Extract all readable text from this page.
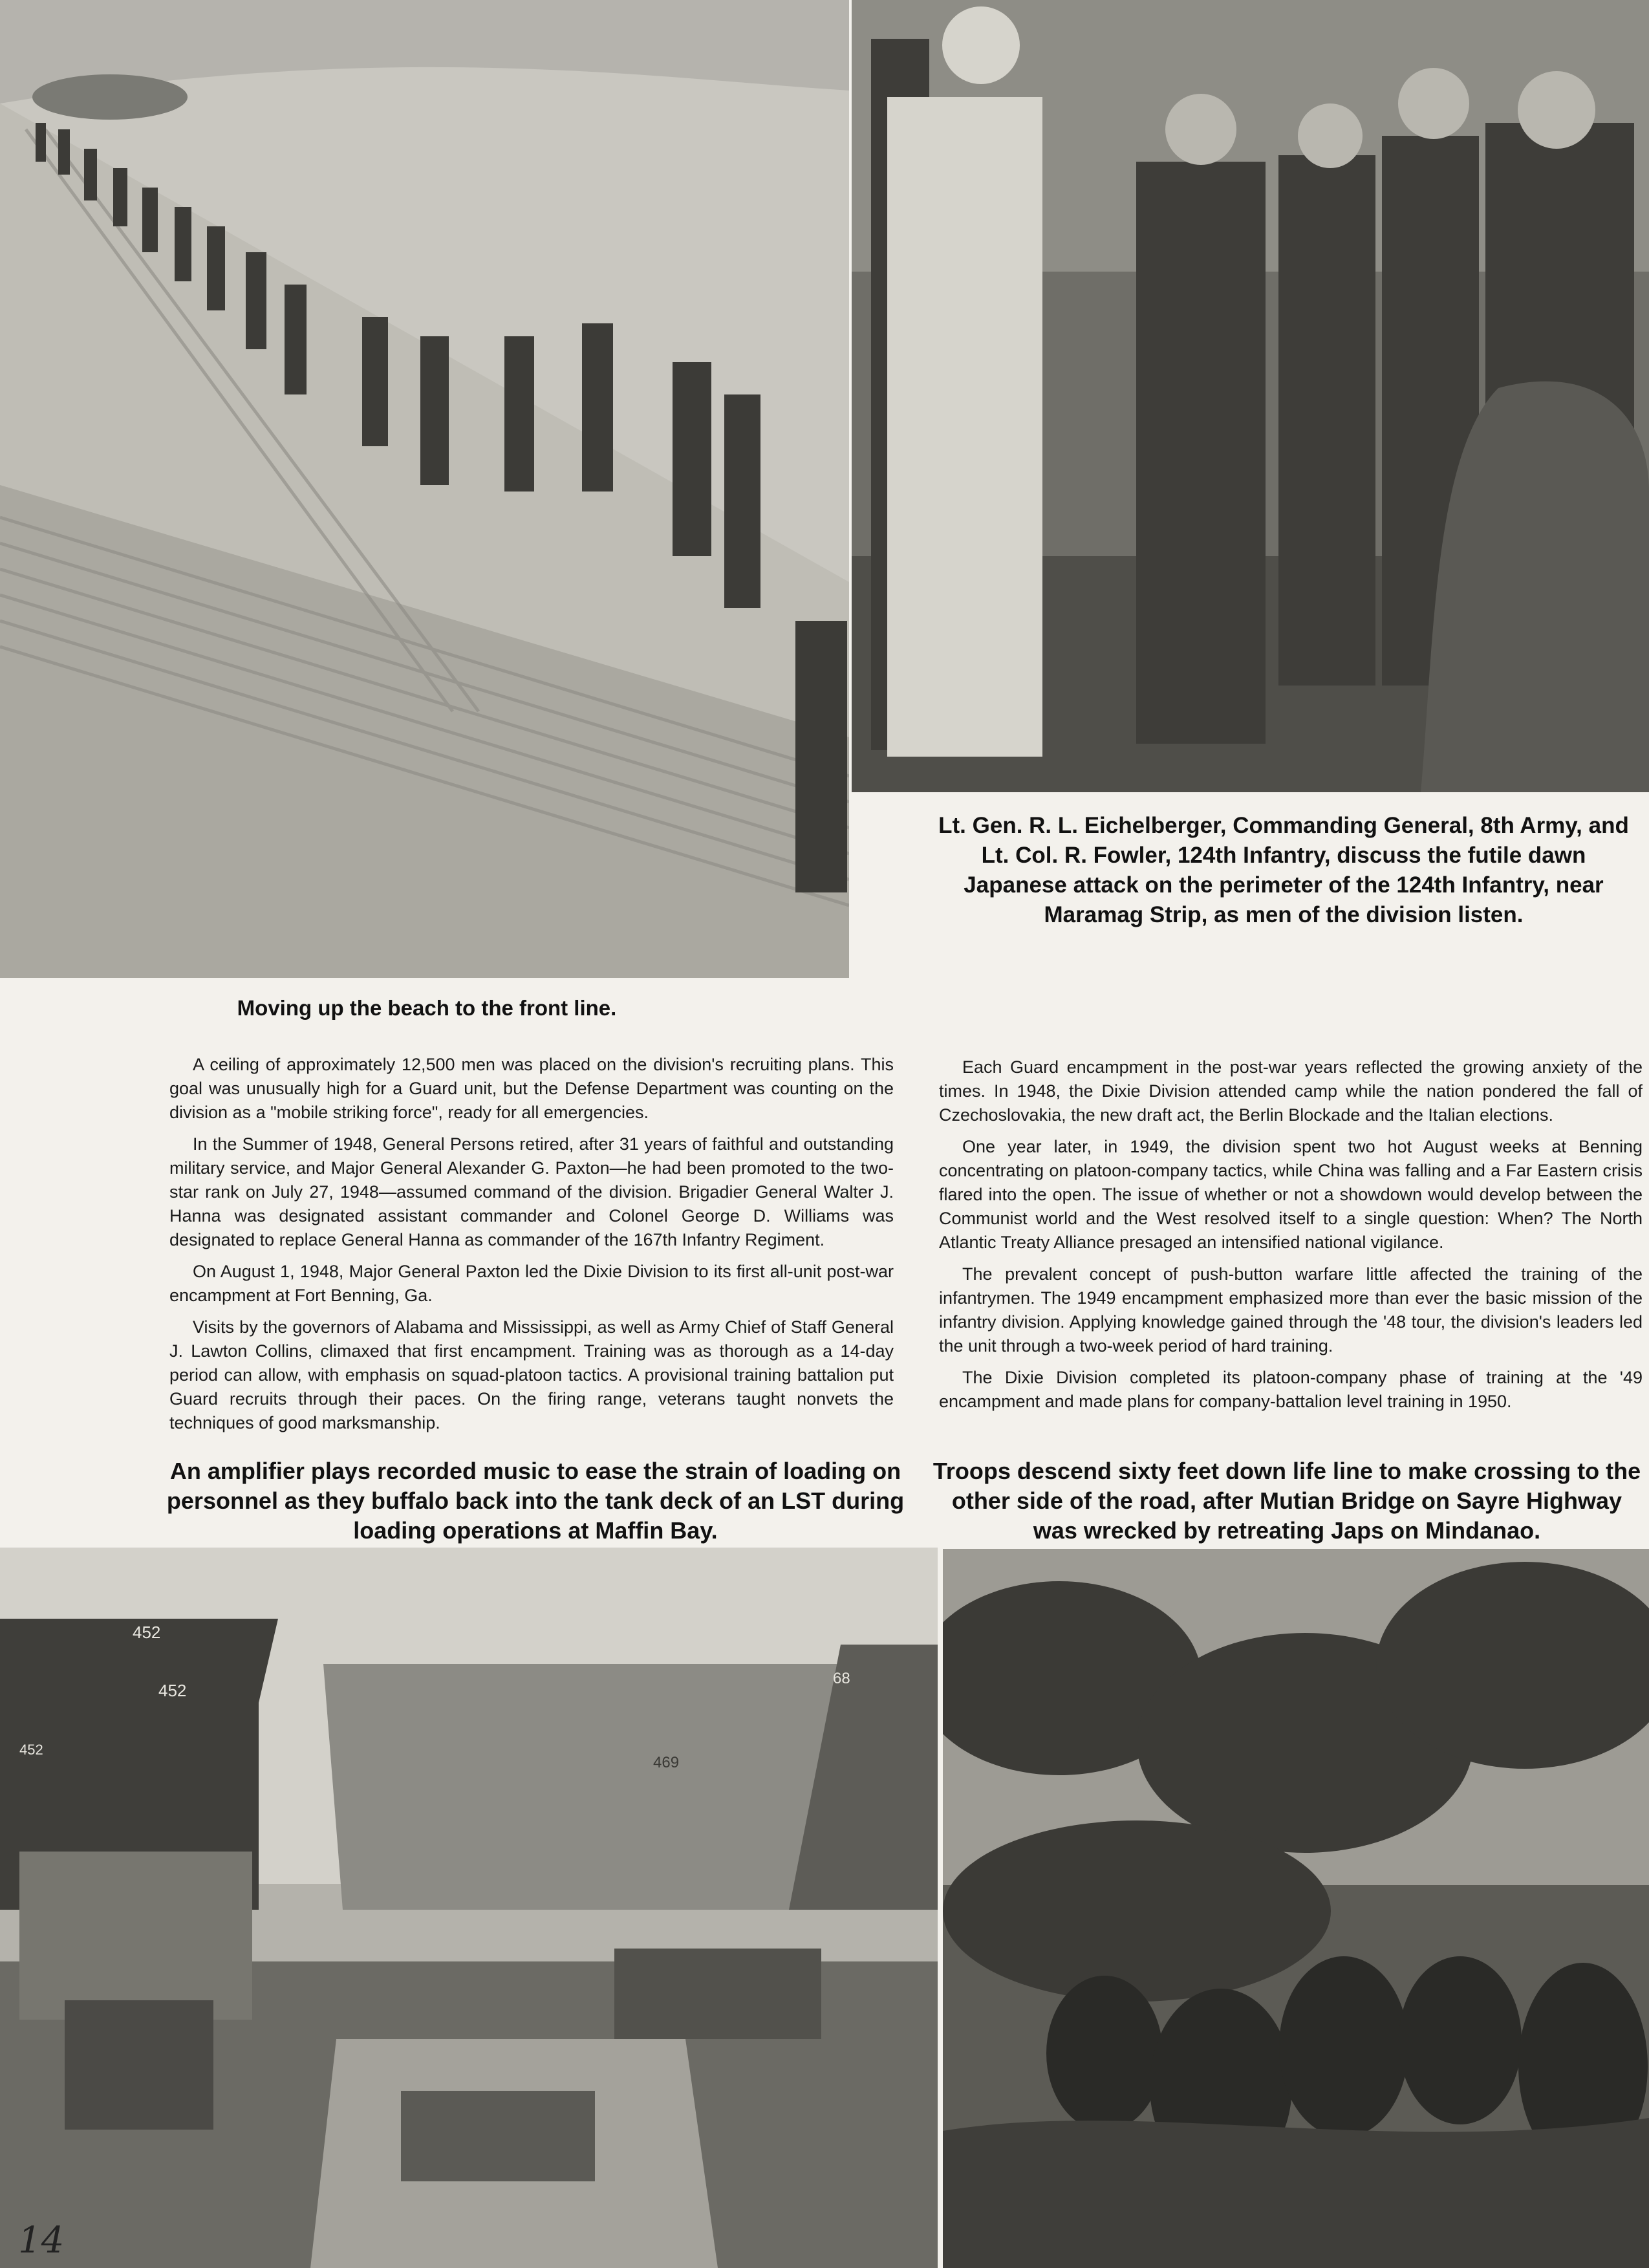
Lt. Gen. R. L. Eichelberger, Commanding General, 8th Army, and Lt. Col. R. Fowler, 124th Infantry, discuss the futile dawn Japanese attack on the perimeter of the 124th Infantry, near Maramag Strip, as men of the division listen.
Moving up the beach to the front line.

A ceiling of approximately 12,500 men was placed on the division's recruiting plans. This goal was unusually high for a Guard unit, but the Defense Department was counting on the division as a "mobile striking force", ready for all emergencies.

In the Summer of 1948, General Persons retired, after 31 years of faithful and outstanding military service, and Major General Alexander G. Paxton—he had been promoted to the two-star rank on July 27, 1948—assumed command of the division. Brigadier General Walter J. Hanna was designated assistant commander and Colonel George D. Williams was designated to replace General Hanna as commander of the 167th Infantry Regiment.

On August 1, 1948, Major General Paxton led the Dixie Division to its first all-unit post-war encampment at Fort Benning, Ga.

Visits by the governors of Alabama and Mississippi, as well as Army Chief of Staff General J. Lawton Collins, climaxed that first encampment. Training was as thorough as a 14-day period can allow, with emphasis on squad-platoon tactics. A provisional training battalion put Guard recruits through their paces. On the firing range, veterans taught nonvets the techniques of good marksmanship.

Each Guard encampment in the post-war years reflected the growing anxiety of the times. In 1948, the Dixie Division attended camp while the nation pondered the fall of Czechoslovakia, the new draft act, the Berlin Blockade and the Italian elections.

One year later, in 1949, the division spent two hot August weeks at Benning concentrating on platoon-company tactics, while China was falling and a Far Eastern crisis flared into the open. The issue of whether or not a showdown would develop between the Communist world and the West resolved itself to a single question: When? The North Atlantic Treaty Alliance presaged an intensified national vigilance.

The prevalent concept of push-button warfare little affected the training of the infantrymen. The 1949 encampment emphasized more than ever the basic mission of the infantry division. Applying knowledge gained through the '48 tour, the division's leaders led the unit through a two-week period of hard training.

The Dixie Division completed its platoon-company phase of training at the '49 encampment and made plans for company-battalion level training in 1950.

An amplifier plays recorded music to ease the strain of loading on personnel as they buffalo back into the tank deck of an LST during loading operations at Maffin Bay.
Troops descend sixty feet down life line to make crossing to the other side of the road, after Mutian Bridge on Sayre Highway was wrecked by retreating Japs on Mindanao.
452
452
452
469
68
14
